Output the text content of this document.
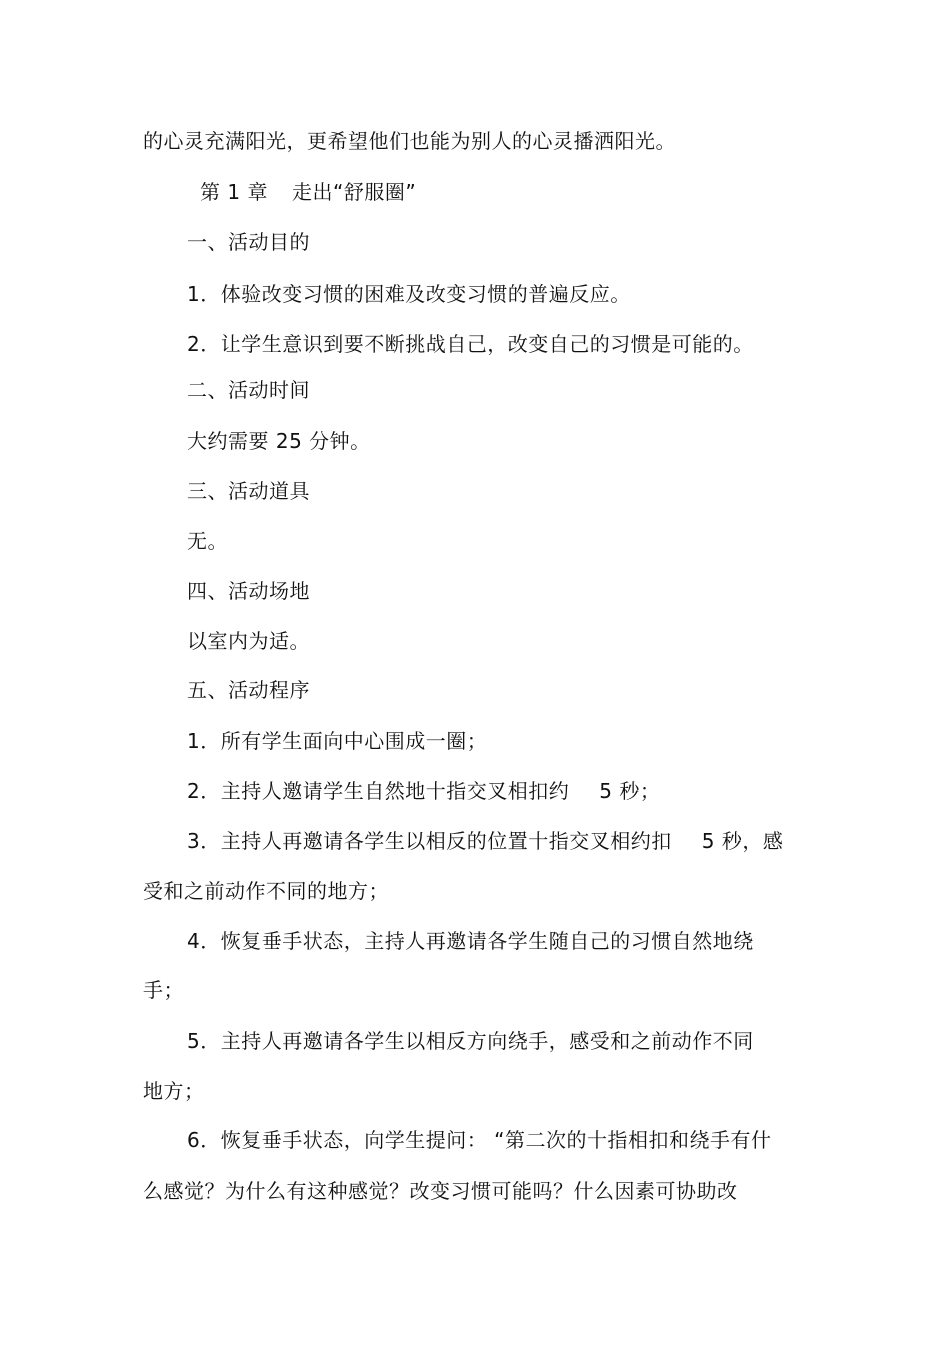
的心灵充满阳光，更希望他们也能为别人的心灵播洒阳光。
第 1 章 走出“舒服圈”
一、活动目的
1．体验改变习惯的困难及改变习惯的普遍反应。
2．让学生意识到要不断挑战自己，改变自己的习惯是可能的。
二、活动时间
大约需要 25 分钟。
三、活动道具
无。
四、活动场地
以室内为适。
五、活动程序
1．所有学生面向中心围成一圈；
2．主持人邀请学生自然地十指交叉相扣约 5 秒；
3．主持人再邀请各学生以相反的位置十指交叉相约扣 5 秒，感
受和之前动作不同的地方；
4．恢复垂手状态，主持人再邀请各学生随自己的习惯自然地绕
手；
5．主持人再邀请各学生以相反方向绕手，感受和之前动作不同
地方；
6．恢复垂手状态，向学生提问： “第二次的十指相扣和绕手有什
么感觉？为什么有这种感觉？改变习惯可能吗？什么因素可协助改
